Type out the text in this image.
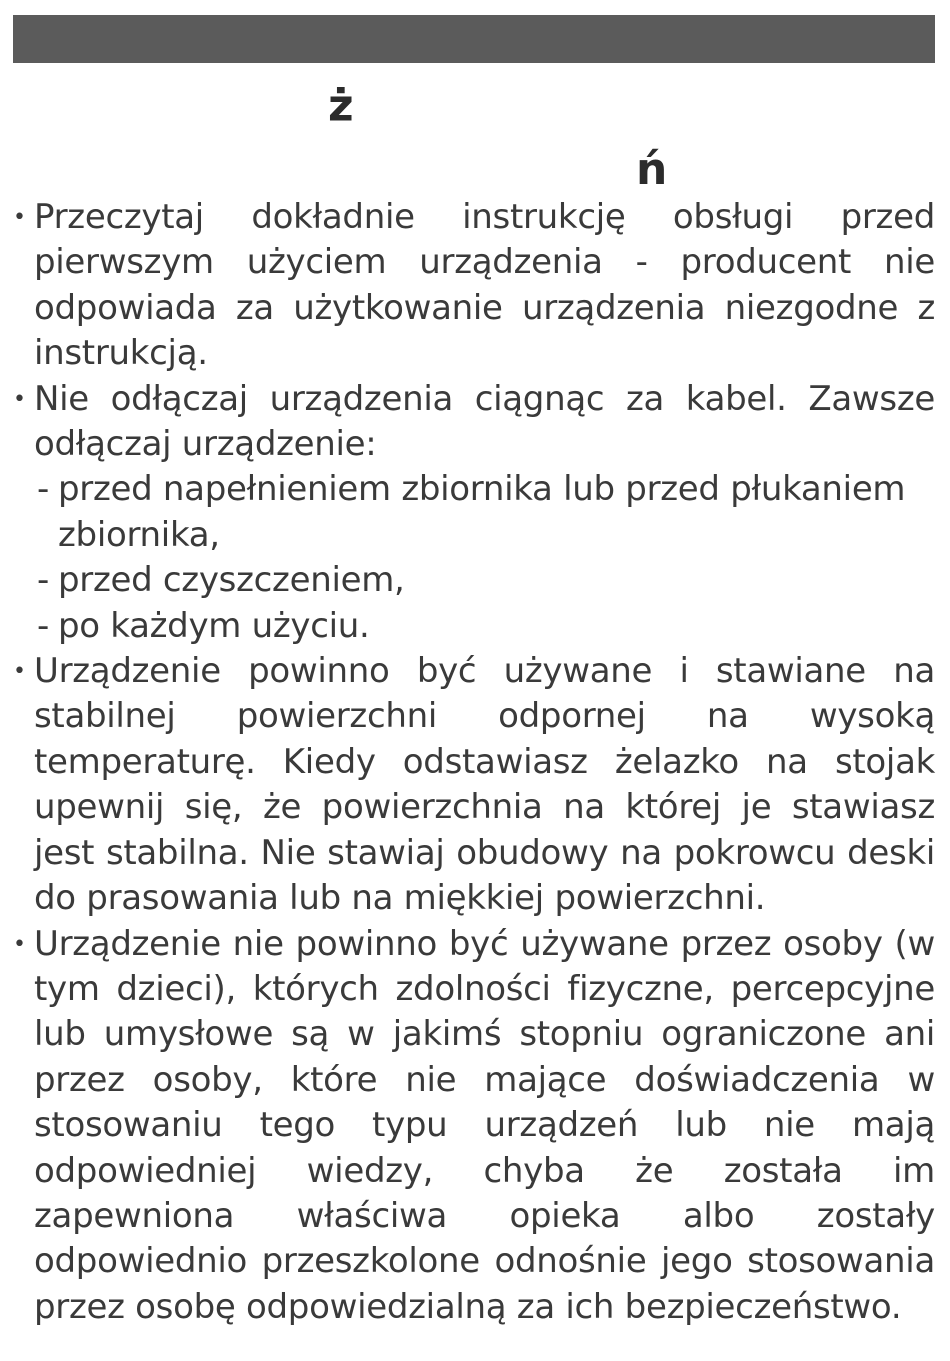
ż
ń
• Przeczytaj dokładnie instrukcję obsługi przed pierwszym użyciem urządzenia - producent nie odpowiada za użytkowanie urządzenia niezgodne z instrukcją.
• Nie odłączaj urządzenia ciągnąc za kabel. Zawsze odłączaj urządzenie:
- przed napełnieniem zbiornika lub przed płukaniem zbiornika,
- przed czyszczeniem,
- po każdym użyciu.
• Urządzenie powinno być używane i stawiane na stabilnej powierzchni odpornej na wysoką temperaturę. Kiedy odstawiasz żelazko na stojak upewnij się, że powierzchnia na której je stawiasz jest stabilna. Nie stawiaj obudowy na pokrowcu deski do prasowania lub na miękkiej powierzchni.
• Urządzenie nie powinno być używane przez osoby (w tym dzieci), których zdolności fizyczne, percepcyjne lub umysłowe są w jakimś stopniu ograniczone ani przez osoby, które nie mające doświadczenia w stosowaniu tego typu urządzeń lub nie mają odpowiedniej wiedzy, chyba że została im zapewniona właściwa opieka albo zostały odpowiednio przeszkolone odnośnie jego stosowania przez osobę odpowiedzialną za ich bezpieczeństwo.
